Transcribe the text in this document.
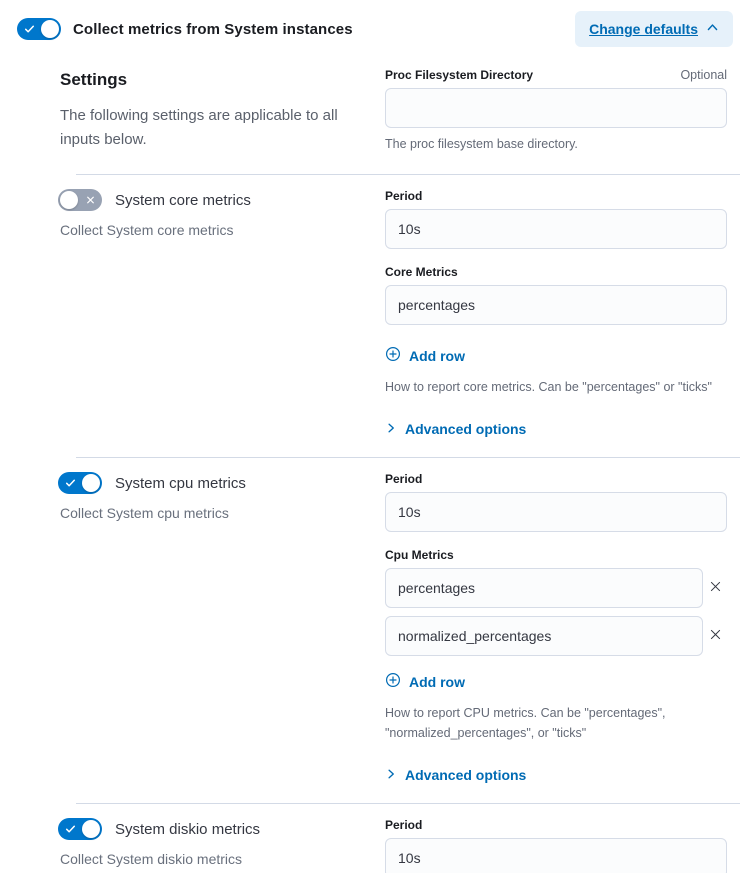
Collect metrics from System instances	Change defaults
Settings

The following settings are applicable to all inputs below.

Proc Filesystem Directory	Optional

The proc filesystem base directory.

System core metrics

Collect System core metrics

Period
10s
Core Metrics
percentages
Add row

How to report core metrics. Can be "percentages" or "ticks"

Advanced options
System cpu metrics

Collect System cpu metrics

Period
10s
Cpu Metrics
percentages
normalized_percentages
Add row

How to report CPU metrics. Can be "percentages", "normalized_percentages", or "ticks"

Advanced options
System diskio metrics

Collect System diskio metrics

Period
10s
